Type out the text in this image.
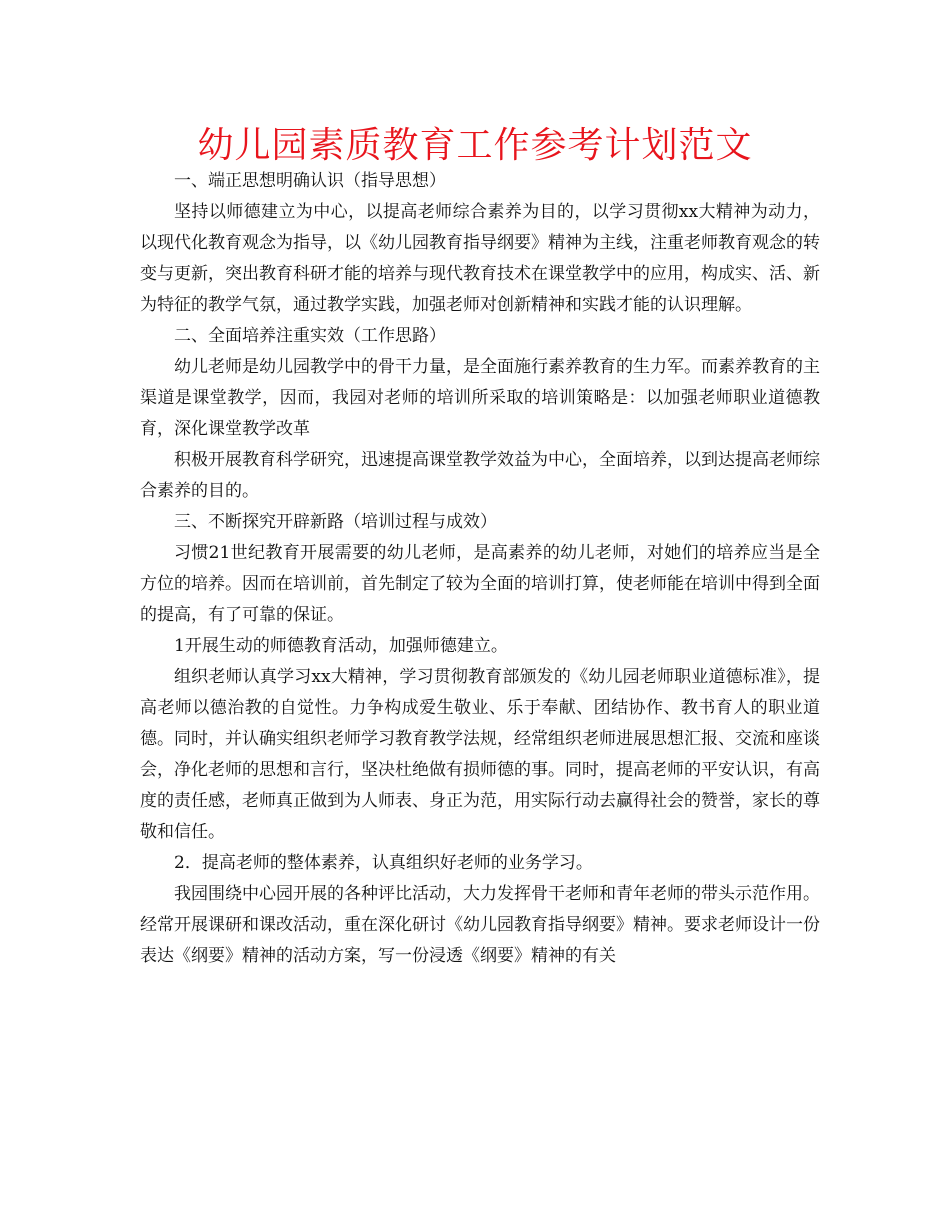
幼儿园素质教育工作参考计划范文

一、端正思想明确认识（指导思想）

坚持以师德建立为中心，以提高老师综合素养为目的，以学习贯彻xx大精神为动力，以现代化教育观念为指导，以《幼儿园教育指导纲要》精神为主线，注重老师教育观念的转变与更新，突出教育科研才能的培养与现代教育技术在课堂教学中的应用，构成实、活、新为特征的教学气氛，通过教学实践，加强老师对创新精神和实践才能的认识理解。

二、全面培养注重实效（工作思路）

幼儿老师是幼儿园教学中的骨干力量，是全面施行素养教育的生力军。而素养教育的主渠道是课堂教学，因而，我园对老师的培训所采取的培训策略是：以加强老师职业道德教育，深化课堂教学改革

积极开展教育科学研究，迅速提高课堂教学效益为中心，全面培养，以到达提高老师综合素养的目的。

三、不断探究开辟新路（培训过程与成效）

习惯21世纪教育开展需要的幼儿老师，是高素养的幼儿老师，对她们的培养应当是全方位的培养。因而在培训前，首先制定了较为全面的培训打算，使老师能在培训中得到全面的提高，有了可靠的保证。

1开展生动的师德教育活动，加强师德建立。

组织老师认真学习xx大精神，学习贯彻教育部颁发的《幼儿园老师职业道德标准》，提高老师以德治教的自觉性。力争构成爱生敬业、乐于奉献、团结协作、教书育人的职业道德。同时，并认确实组织老师学习教育教学法规，经常组织老师进展思想汇报、交流和座谈会，净化老师的思想和言行，坚决杜绝做有损师德的事。同时，提高老师的平安认识，有高度的责任感，老师真正做到为人师表、身正为范，用实际行动去赢得社会的赞誉，家长的尊敬和信任。

2．提高老师的整体素养，认真组织好老师的业务学习。

我园围绕中心园开展的各种评比活动，大力发挥骨干老师和青年老师的带头示范作用。经常开展课研和课改活动，重在深化研讨《幼儿园教育指导纲要》精神。要求老师设计一份表达《纲要》精神的活动方案，写一份浸透《纲要》精神的有关
